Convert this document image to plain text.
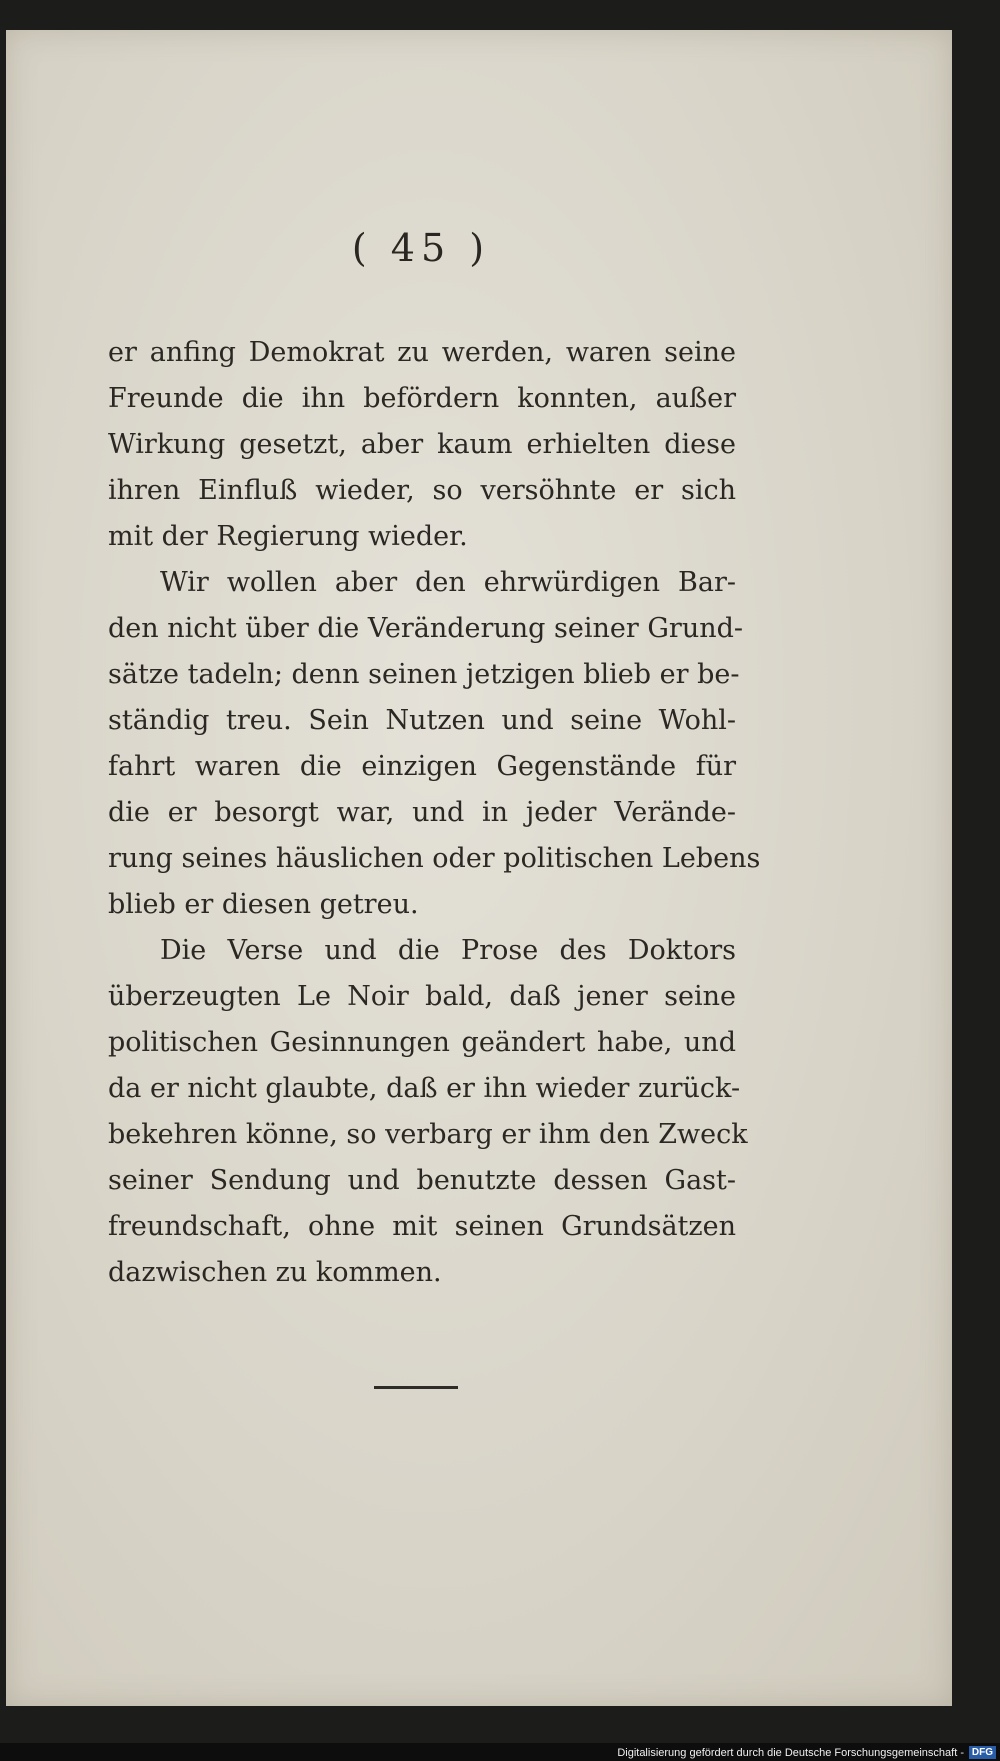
( 45 )
er anfing Demokrat zu werden, waren seine
Freunde die ihn befördern konnten, außer
Wirkung gesetzt, aber kaum erhielten diese
ihren Einfluß wieder, so versöhnte er sich
mit der Regierung wieder.
Wir wollen aber den ehrwürdigen Bar-
den nicht über die Veränderung seiner Grund-
sätze tadeln; denn seinen jetzigen blieb er be-
ständig treu. Sein Nutzen und seine Wohl-
fahrt waren die einzigen Gegenstände für
die er besorgt war, und in jeder Verände-
rung seines häuslichen oder politischen Lebens
blieb er diesen getreu.
Die Verse und die Prose des Doktors
überzeugten Le Noir bald, daß jener seine
politischen Gesinnungen geändert habe, und
da er nicht glaubte, daß er ihn wieder zurück-
bekehren könne, so verbarg er ihm den Zweck
seiner Sendung und benutzte dessen Gast-
freundschaft, ohne mit seinen Grundsätzen
dazwischen zu kommen.
Digitalisierung gefördert durch die Deutsche Forschungsgemeinschaft - DFG
